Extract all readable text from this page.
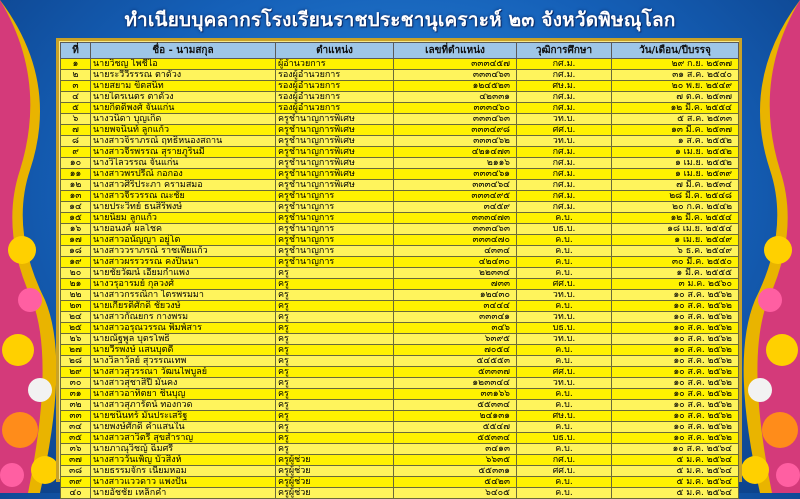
ทำเนียบบุคลากรโรงเรียนราชประชานุเคราะห์ ๒๓ จังหวัดพิษณุโลก
ที่	ชื่อ - นามสกุล	ตำแหน่ง	เลขที่ตำแหน่ง	วุฒิการศึกษา	วัน/เดือน/ปีบรรจุ
๑	นายวิชญ ไพชีไอ	ผู้อำนวยการ	๓๓๓๔๕๗	กศ.ม.	๒๙ ก.ย. ๒๕๓๗
๒	นายระวีวีรรรณ ตาดั้วง	รองผู้อำนวยการ	๓๓๓๔๖๓	กศ.ม.	๓๑ ส.ค. ๒๕๔๐
๓	นายสยาม ขิตสนิท	รองผู้อำนวยการ	๑๒๔๕๒๓	ศษ.ม.	๒๐ พ.ย. ๒๕๔๙
๔	นายไตรเนตร ตาดั้วง	รองผู้อำนวยการ	๔๒๓๓๑	กศ.ม.	๗ ต.ค. ๒๕๓๗
๕	นายกิตติพงศ์ จันแก่น	รองผู้อำนวยการ	๓๓๓๔๖๐	กศ.ม.	๑๒ มี.ค. ๒๕๕๔
๖	นางวนิดา บุญเกิด	ครูชำนาญการพิเศษ	๓๓๓๔๖๓	วท.บ.	๕ ส.ค. ๒๕๓๓
๗	นายพจนินท์ ลูกแก้ว	ครูชำนาญการพิเศษ	๓๓๓๔๙๘	ศศ.บ.	๑๓ มี.ค. ๒๕๓๗
๘	นางสาวจิราภรณ์ ฤทธิ์หนองสถาน	ครูชำนาญการพิเศษ	๓๓๓๔๖๒	วท.บ.	๑ ส.ค. ๒๕๕๒
๙	นางสาวจีรพรรณ สุรายภูรินมี	ครูชำนาญการพิเศษ	๔๒๑๔๗๓	กศ.ม.	๑ เม.ย. ๒๕๕๒
๑๐	นางวิไลวรรณ จันแก่น	ครูชำนาญการพิเศษ	๒๑๑๖	กศ.ม.	๑ เม.ย. ๒๕๕๒
๑๑	นางสาวพรปรีณ์ กอกอง	ครูชำนาญการพิเศษ	๓๓๓๔๖๑	กศ.ม.	๑ เม.ย. ๒๕๓๙
๑๒	นางสาวศิริประภา ครามสมอ	ครูชำนาญการพิเศษ	๓๓๓๔๖๔	กศ.ม.	๗ มี.ค. ๒๕๓๔
๑๓	นางสาวจีรวรรณ ณะชัย	ครูชำนาญการ	๓๓๓๔๙๕	กศ.ม.	๒๘ มี.ค. ๒๕๔๘
๑๔	นายประวิทย์ ธนสิริพงษ์	ครูชำนาญการ	๓๔๕๙	กศ.ม.	๒๐ ก.ค. ๒๕๔๒
๑๕	นายนิยม ลูกแก้ว	ครูชำนาญการ	๓๓๓๔๗๓	ค.บ.	๑๒ มี.ค. ๒๕๕๔
๑๖	นายอนงค์ ผลโชค	ครูชำนาญการ	๓๓๓๔๖๓	บธ.บ.	๑๘ เม.ย. ๒๕๕๔
๑๗	นางสาวอนัญญา อยู่โต	ครูชำนาญการ	๓๓๓๔๗๐	ค.บ.	๑ เม.ย. ๒๕๔๙
๑๘	นางสาววราภรณ์ ราชเพียแก้ว	ครูชำนาญการ	๔๓๓๔	ค.บ.	๖ ธ.ค. ๒๕๔๙
๑๙	นางสาวผรรวรรณ คงปินนา	ครูชำนาญการ	๔๒๔๓๐	ค.บ.	๓๐ มี.ค. ๒๕๕๐
๒๐	นายชัยวัฒน์ เอี่ยมกำแพง	ครู	๒๒๓๓๔	ค.บ.	๑ มี.ค. ๒๕๕๕
๒๑	นางวรุอารมย์ กุลวงศ์	ครู	๗๓๓	ศศ.บ.	๓ ม.ค. ๒๕๖๐
๒๒	นางสาวกรรณิกา ไตรพรมมา	ครู	๑๒๔๓๐	วท.บ.	๑๐ ส.ค. ๒๕๖๒
๒๓	นายเกียรติศักดิ์ ชัยวงษ์	ครู	๓๔๔๔	ค.บ.	๑๐ ส.ค. ๒๕๖๒
๒๔	นางสาวกัณยกร กางพรม	ครู	๓๓๓๔๑	วท.บ.	๑๐ ส.ค. ๒๕๖๒
๒๕	นางสาวอรุณวรรณ พิมพ์สาร	ครู	๓๔๖	บธ.บ.	๑๐ ส.ค. ๒๕๖๒
๒๖	นายณัฐพูล บุตรโพธิ์	ครู	๖๓๙๕	วท.บ.	๑๐ ส.ค. ๒๕๖๒
๒๗	นายวีรพงษ์ แสนบุตดี	ครู	๗๐๕๔	ค.บ.	๑๐ ส.ค. ๒๕๖๒
๒๘	นางวิลาวัลย์ สุวรรณเทพ	ครู	๕๔๕๕๓	ค.บ.	๑๐ ส.ค. ๒๕๖๒
๒๙	นางสาวสุวรรณา วัฒนไพบูลย์	ครู	๕๓๓๓๗	ศศ.บ.	๑๐ ส.ค. ๒๕๖๒
๓๐	นางสาวสุชาสิปี มั่นคง	ครู	๑๒๓๓๔๔	วท.บ.	๑๐ ส.ค. ๒๕๖๒
๓๑	นางสาวอาทิตยา ชินบุญ	ครู	๓๓๑๖๖	ค.บ.	๑๐ ส.ค. ๒๕๖๒
๓๒	นางสาวสุภารัตน์ ทองกวด	ครู	๕๕๓๓๔	ค.บ.	๑๐ ส.ค. ๒๕๖๒
๓๓	นายชนินทร์ มั่นประเสริฐ	ครู	๒๔๑๓๑	ศษ.บ.	๑๐ ส.ค. ๒๕๖๒
๓๔	นายพงษ์ศักดิ์ คำแสนใน	ครู	๕๕๔๗	ค.บ.	๑๐ ส.ค. ๒๕๖๒
๓๕	นางสาวสาวิตรี สุขสำราญ	ครู	๕๕๓๓๔	บธ.บ.	๑๐ ส.ค. ๒๕๖๒
๓๖	นายภาณุวิชญ์ ฉิมศรี	ครู	๓๔๑๓	ค.บ.	๑๐ ส.ค. ๒๕๖๔
๓๗	นางสาววันเพ็ญ บัวสิงห์	ครูผู้ช่วย	๖๖๓๕	กศ.บ.	๕ ม.ค. ๒๕๖๔
๓๘	นายธรรมจักร เนียมหอม	ครูผู้ช่วย	๕๕๓๓๑	ศศ.บ.	๕ ม.ค. ๒๕๖๔
๓๙	นางสาวแววดาว แพงปัน	ครูผู้ช่วย	๕๔๒๓	ค.บ.	๕ ม.ค. ๒๕๖๔
๔๐	นายอัชชัย เหล็กคำ	ครูผู้ช่วย	๖๔๐๕	ค.บ.	๕ ม.ค. ๒๕๖๔
